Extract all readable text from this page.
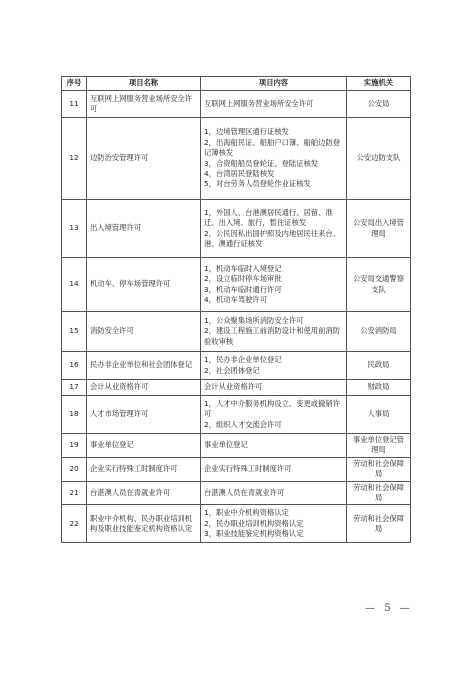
序号	项目名称	项目内容	实施机关
11	互联网上网服务营业场所安全许可	互联网上网服务营业场所安全许可	公安局
12	边防治安管理许可	1，边境管理区通行证核发
2，出海船民证、船舶户口簿、船舶边防登记簿核发
3，合资船船员登轮证、登陆证核发
4，台湾居民登陆核发
5，对台劳务人员登轮作业证核发	公安边防支队
13	出入境管理许可	1，外国人、台港澳居民通行、居留、准迁、出入境、旅行，暂住证核发
2，公民因私出国护照及内地居民往来台、港、澳通行证核发	公安局出入境管理局
14	机动车、停车场管理许可	1，机动车临时入境登记
2，设立临时停车场审批
3，机动车临时通行许可
4，机动车驾驶许可	公安局交通警察支队
15	消防安全许可	1，公众聚集场所消防安全许可
2，建设工程施工前消防设计和使用前消防验收审核	公安消防局
16	民办非企业单位和社会团体登记	1，民办非企业单位登记
2，社会团体登记	民政局
17	会计从业资格许可	会计从业资格许可	财政局
18	人才市场管理许可	1，人才中介服务机构设立、变更或撤销许可
2，组织人才交流会许可	人事局
19	事业单位登记	事业单位登记	事业单位登记管理局
20	企业实行特殊工时制度许可	企业实行特殊工时制度许可	劳动和社会保障局
21	台湛澳人员在青就业许可	台湛澳人员在青就业许可	劳动和社会保障局
22	职业中介机构、民办职业培训机构及职业技能鉴定机构资格认定	1，职业中介机构资格认定
2，民办职业培训机构资格认定
3，职业技能鉴定机构资格认定	劳动和社会保障局
— 5 —
